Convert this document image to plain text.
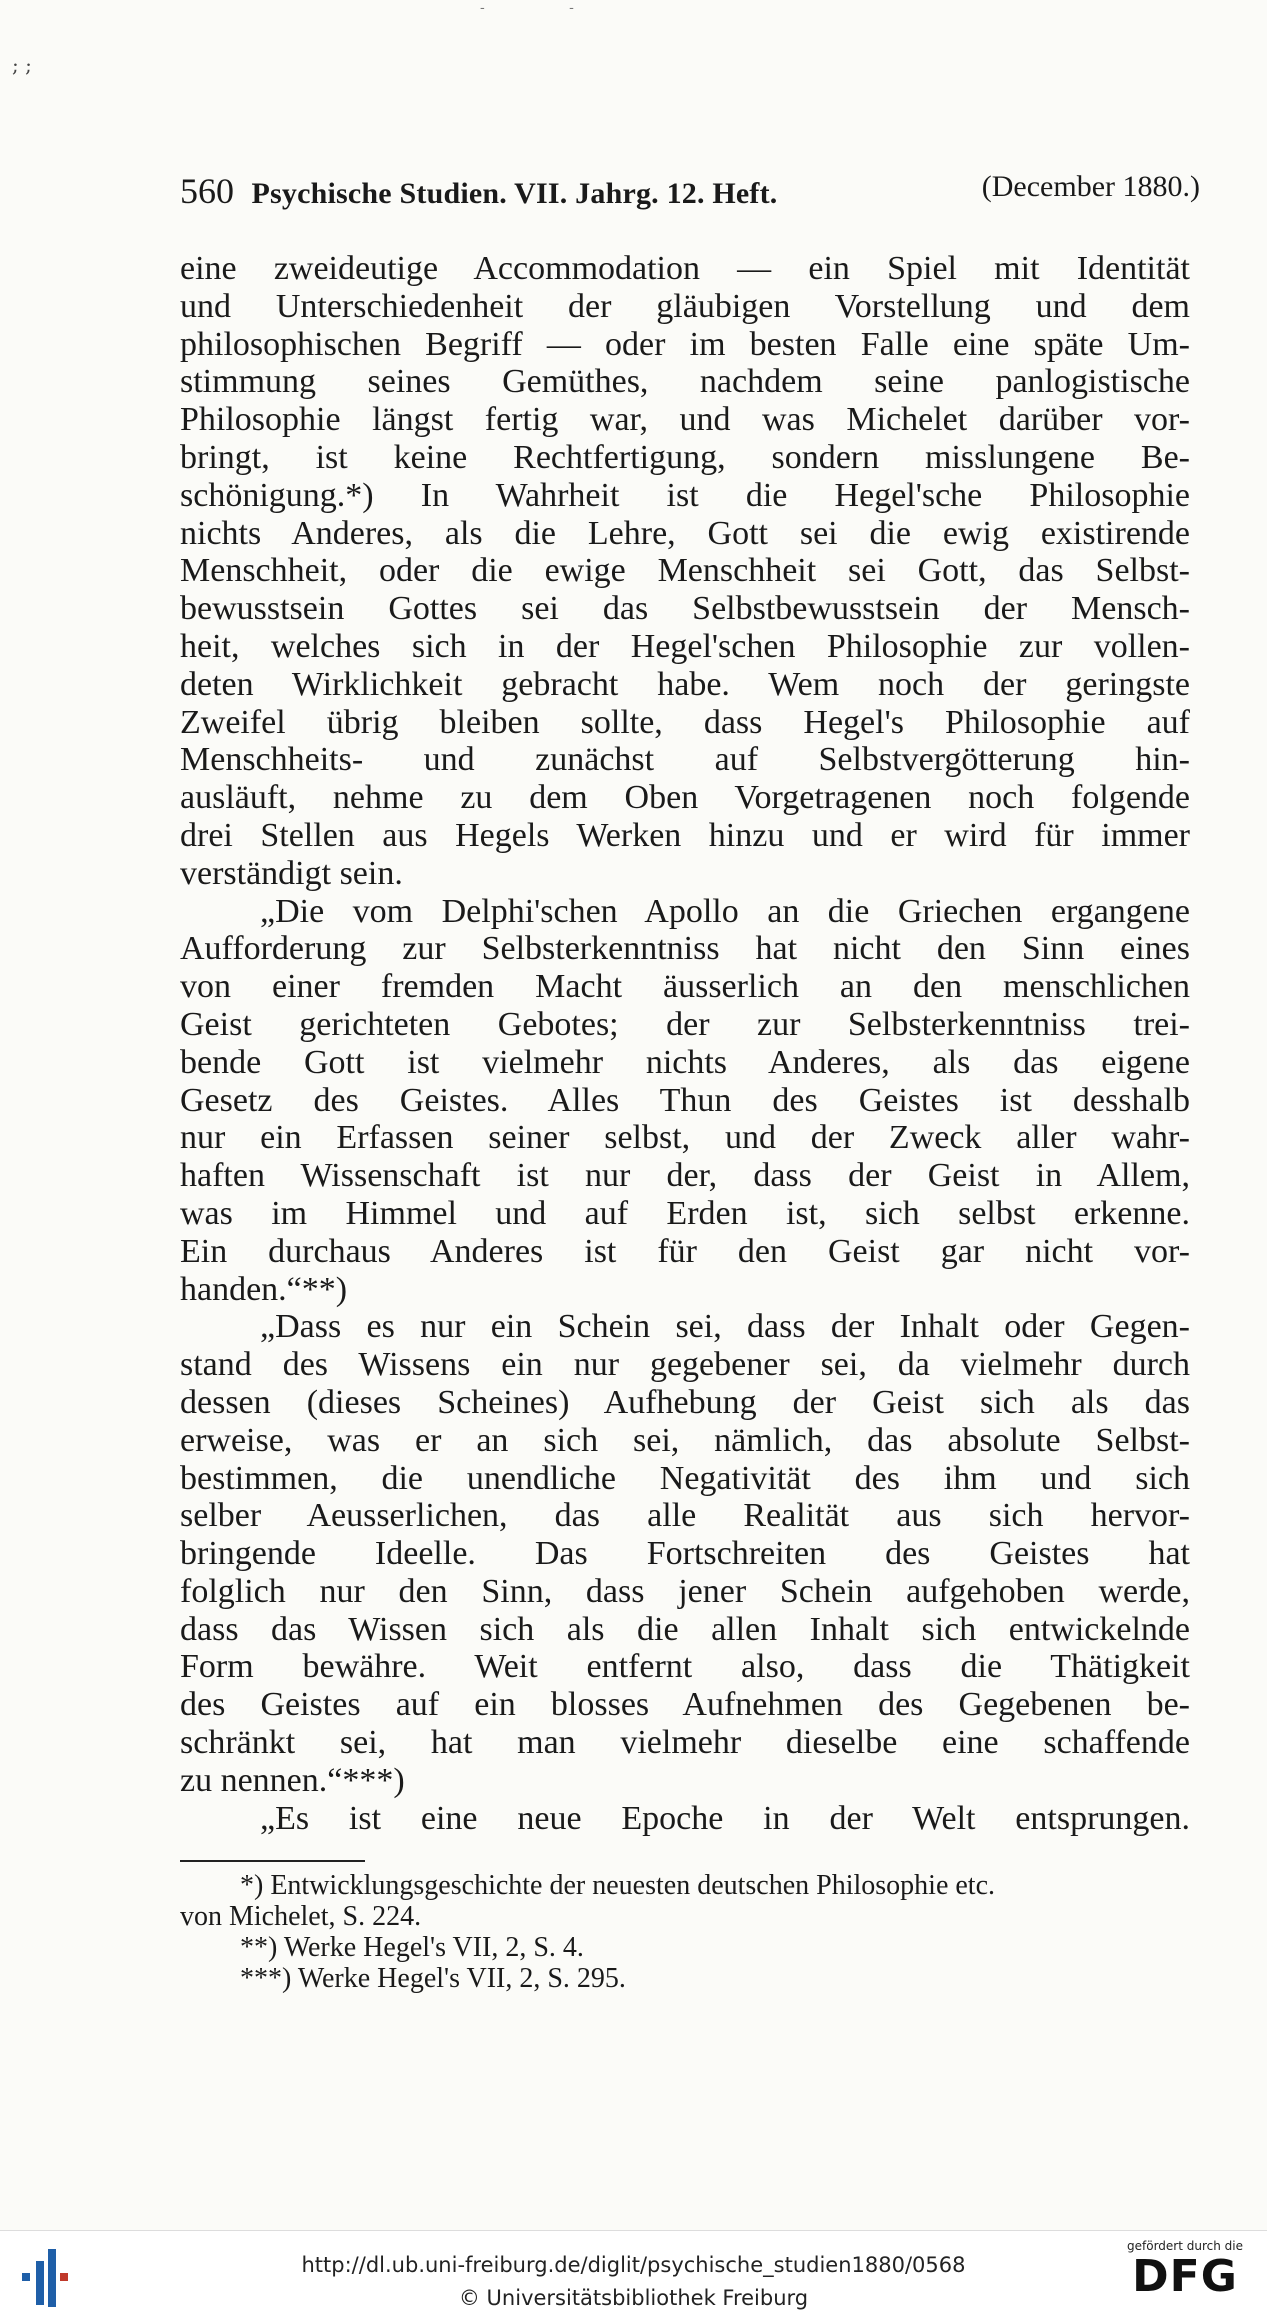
- -
; ;
560 Psychische Studien. VII. Jahrg. 12. Heft.	(December 1880.)
eine zweideutige Accommodation — ein Spiel mit Identität
und Unterschiedenheit der gläubigen Vorstellung und dem
philosophischen Begriff — oder im besten Falle eine späte Um-
stimmung seines Gemüthes, nachdem seine panlogistische
Philosophie längst fertig war, und was Michelet darüber vor-
bringt, ist keine Rechtfertigung, sondern misslungene Be-
schönigung.*) In Wahrheit ist die Hegel'sche Philosophie
nichts Anderes, als die Lehre, Gott sei die ewig existirende
Menschheit, oder die ewige Menschheit sei Gott, das Selbst-
bewusstsein Gottes sei das Selbstbewusstsein der Mensch-
heit, welches sich in der Hegel'schen Philosophie zur vollen-
deten Wirklichkeit gebracht habe. Wem noch der geringste
Zweifel übrig bleiben sollte, dass Hegel's Philosophie auf
Menschheits- und zunächst auf Selbstvergötterung hin-
ausläuft, nehme zu dem Oben Vorgetragenen noch folgende
drei Stellen aus Hegels Werken hinzu und er wird für immer
verständigt sein.
„Die vom Delphi'schen Apollo an die Griechen ergangene
Aufforderung zur Selbsterkenntniss hat nicht den Sinn eines
von einer fremden Macht äusserlich an den menschlichen
Geist gerichteten Gebotes; der zur Selbsterkenntniss trei-
bende Gott ist vielmehr nichts Anderes, als das eigene
Gesetz des Geistes. Alles Thun des Geistes ist desshalb
nur ein Erfassen seiner selbst, und der Zweck aller wahr-
haften Wissenschaft ist nur der, dass der Geist in Allem,
was im Himmel und auf Erden ist, sich selbst erkenne.
Ein durchaus Anderes ist für den Geist gar nicht vor-
handen.“**)
„Dass es nur ein Schein sei, dass der Inhalt oder Gegen-
stand des Wissens ein nur gegebener sei, da vielmehr durch
dessen (dieses Scheines) Aufhebung der Geist sich als das
erweise, was er an sich sei, nämlich, das absolute Selbst-
bestimmen, die unendliche Negativität des ihm und sich
selber Aeusserlichen, das alle Realität aus sich hervor-
bringende Ideelle. Das Fortschreiten des Geistes hat
folglich nur den Sinn, dass jener Schein aufgehoben werde,
dass das Wissen sich als die allen Inhalt sich entwickelnde
Form bewähre. Weit entfernt also, dass die Thätigkeit
des Geistes auf ein blosses Aufnehmen des Gegebenen be-
schränkt sei, hat man vielmehr dieselbe eine schaffende
zu nennen.“***)
„Es ist eine neue Epoche in der Welt entsprungen.
*) Entwicklungsgeschichte der neuesten deutschen Philosophie etc.
von Michelet, S. 224.
**) Werke Hegel's VII, 2, S. 4.
***) Werke Hegel's VII, 2, S. 295.
http://dl.ub.uni-freiburg.de/diglit/psychische_studien1880/0568
© Universitätsbibliothek Freiburg
gefördert durch die
DFG
